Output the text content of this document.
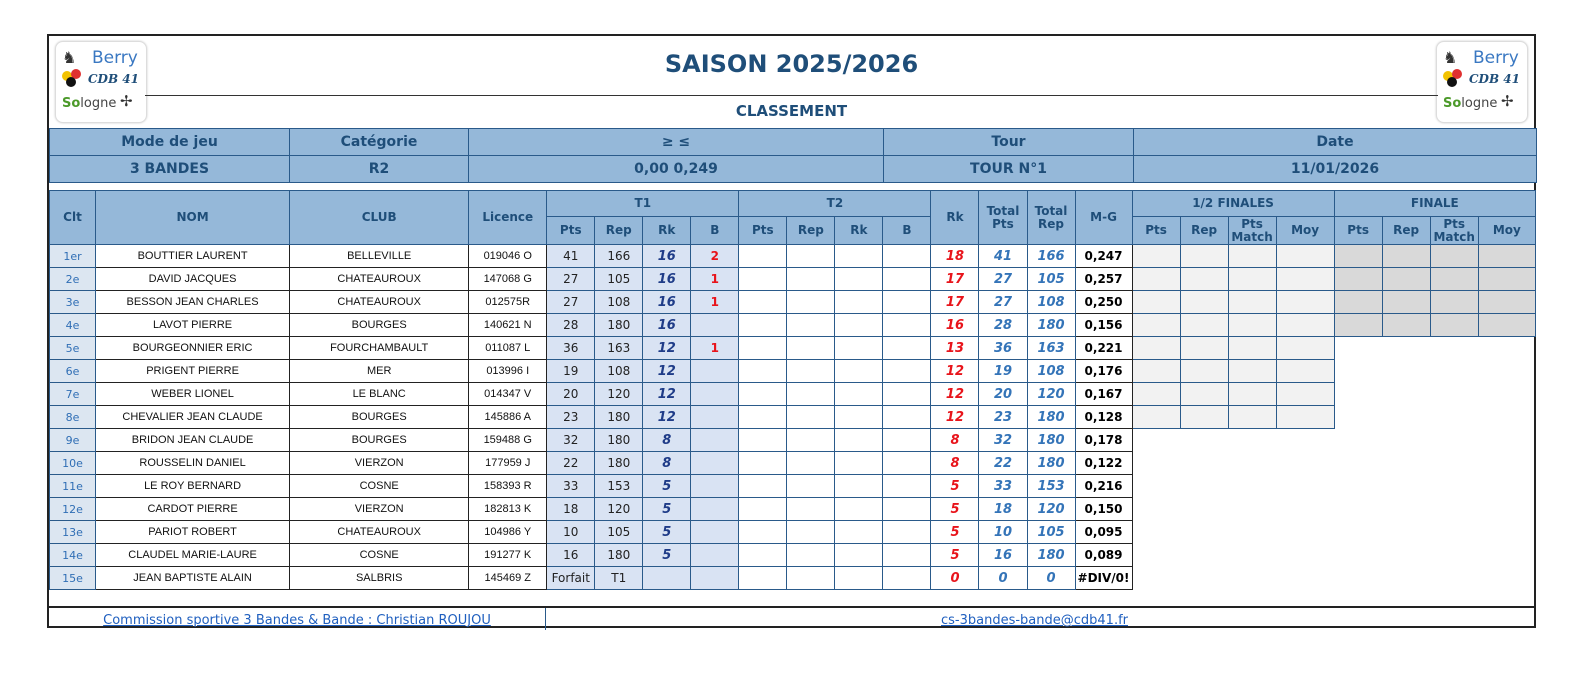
♞ Berry
CDB 41
Sologne ✢
♞ Berry
CDB 41
Sologne ✢
SAISON 2025/2026
CLASSEMENT
Mode de jeu	Catégorie	≥ ≤	Tour	Date
3 BANDES	R2	0,00 0,249	TOUR N°1	11/01/2026
Clt	NOM	CLUB	Licence	T1				T2				Rk	Total Pts	Total Rep	M-G	1/2 FINALES				FINALE			
				Pts	Rep	Rk	B	Pts	Rep	Rk	B					Pts	Rep	Pts Match	Moy	Pts	Rep	Pts Match	Moy
1er	BOUTTIER LAURENT	BELLEVILLE	019046 O	41	166	16	2					18	41	166	0,247								
2e	DAVID JACQUES	CHATEAUROUX	147068 G	27	105	16	1					17	27	105	0,257								
3e	BESSON JEAN CHARLES	CHATEAUROUX	012575R	27	108	16	1					17	27	108	0,250								
4e	LAVOT PIERRE	BOURGES	140621 N	28	180	16						16	28	180	0,156								
5e	BOURGEONNIER ERIC	FOURCHAMBAULT	011087 L	36	163	12	1					13	36	163	0,221								
6e	PRIGENT PIERRE	MER	013996 I	19	108	12						12	19	108	0,176								
7e	WEBER LIONEL	LE BLANC	014347 V	20	120	12						12	20	120	0,167								
8e	CHEVALIER JEAN CLAUDE	BOURGES	145886 A	23	180	12						12	23	180	0,128								
9e	BRIDON JEAN CLAUDE	BOURGES	159488 G	32	180	8						8	32	180	0,178								
10e	ROUSSELIN DANIEL	VIERZON	177959 J	22	180	8						8	22	180	0,122								
11e	LE ROY BERNARD	COSNE	158393 R	33	153	5						5	33	153	0,216								
12e	CARDOT PIERRE	VIERZON	182813 K	18	120	5						5	18	120	0,150								
13e	PARIOT ROBERT	CHATEAUROUX	104986 Y	10	105	5						5	10	105	0,095								
14e	CLAUDEL MARIE-LAURE	COSNE	191277 K	16	180	5						5	16	180	0,089								
15e	JEAN BAPTISTE ALAIN	SALBRIS	145469 Z	Forfait	T1							0	0	0	#DIV/0!								
Commission sportive 3 Bandes & Bande : Christian ROUJOU	cs-3bandes-bande@cdb41.fr
